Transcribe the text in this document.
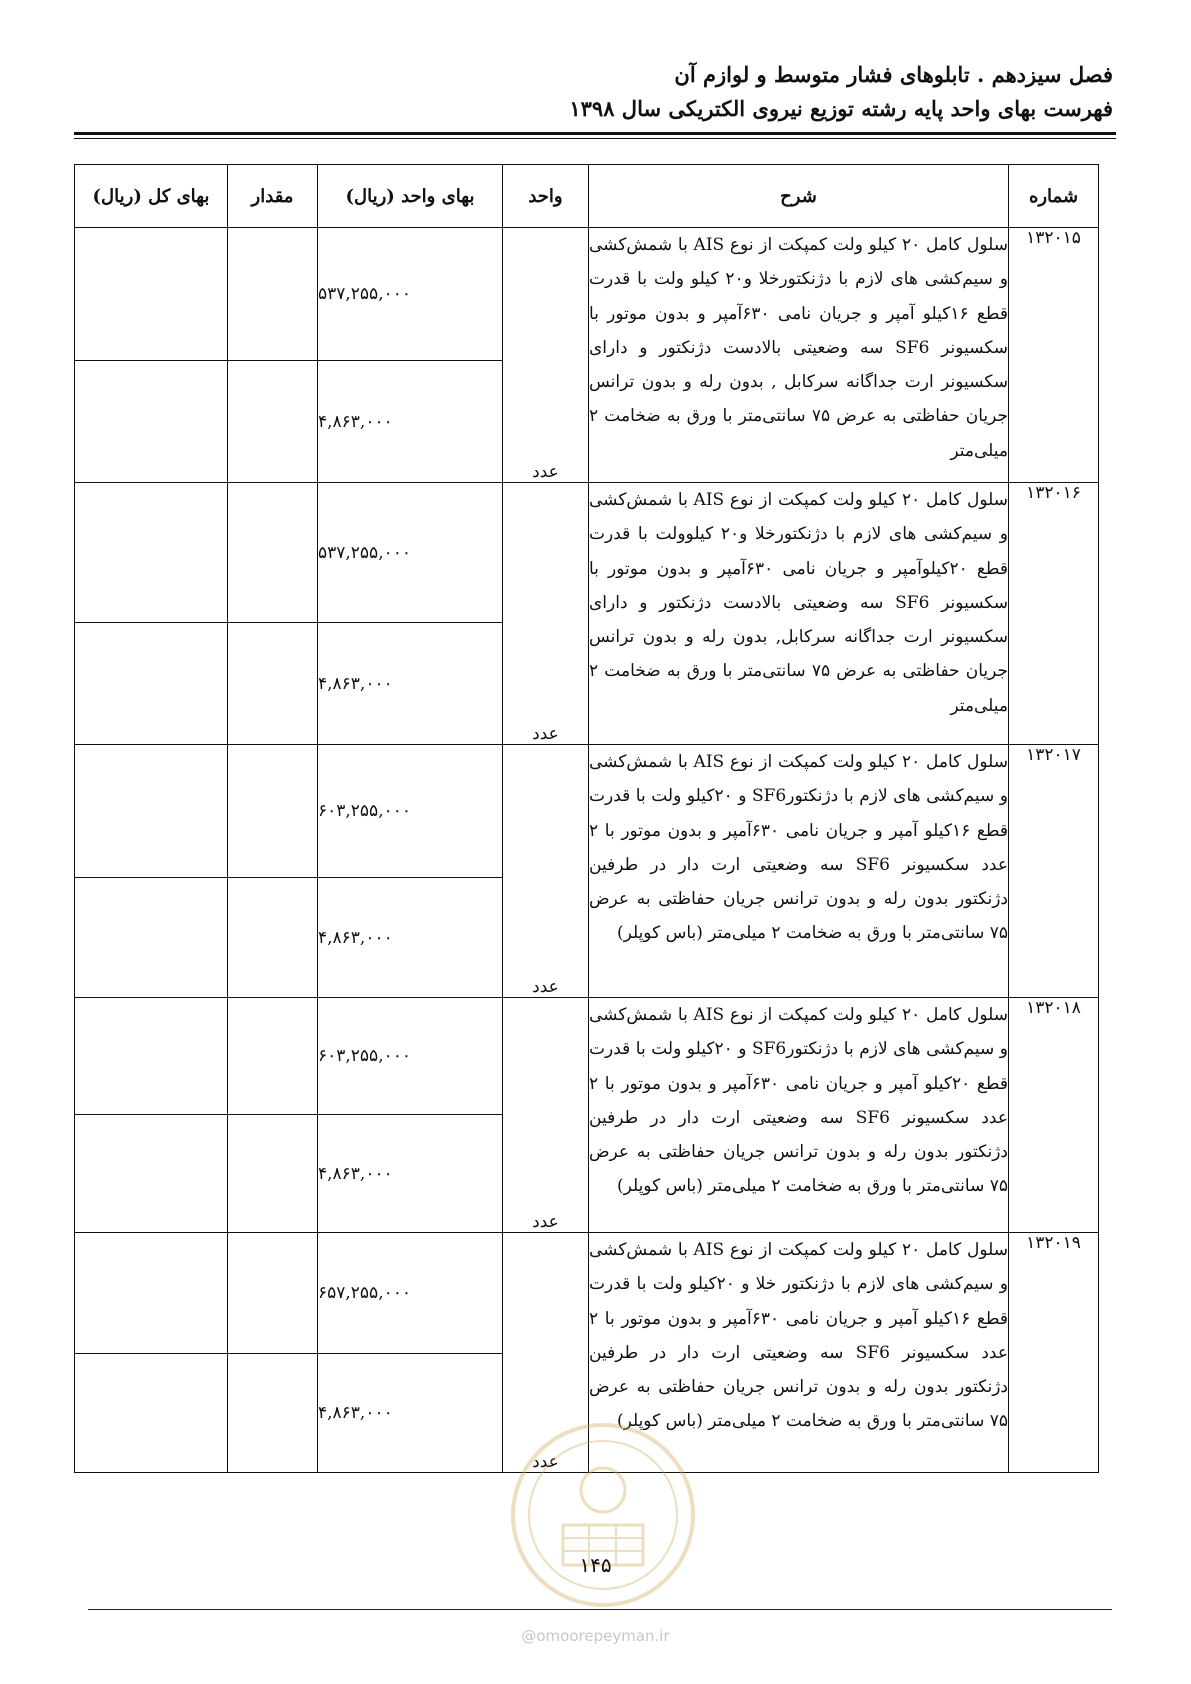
فصل سیزدهم . تابلوهای فشار متوسط و لوازم آن
فهرست بهای واحد پایه رشته توزیع نیروی الکتریکی سال ۱۳۹۸
شماره	شرح	واحد	بهای واحد (ریال)	مقدار	بهای کل (ریال)
۱۳۲۰۱۵	سلول کامل ۲۰ کیلو ولت کمپکت از نوع AIS با شمش‌کشی و سیم‌کشی های لازم با دژنکتورخلا و۲۰ کیلو ولت با قدرت قطع ۱۶کیلو آمپر و جریان نامی ۶۳۰آمپر و بدون موتور با سکسیونر SF6 سه وضعیتی بالادست دژنکتور و دارای سکسیونر ارت جداگانه سرکابل , بدون رله و بدون ترانس جریان حفاظتی به عرض ۷۵ سانتی‌متر با ورق به ضخامت ۲ میلی‌متر	عدد	۵۳۷,۲۵۵,۰۰۰		
			۴,۸۶۳,۰۰۰		
۱۳۲۰۱۶	سلول کامل ۲۰ کیلو ولت کمپکت از نوع AIS با شمش‌کشی و سیم‌کشی های لازم با دژنکتورخلا و۲۰ کیلوولت با قدرت قطع ۲۰کیلوآمپر و جریان نامی ۶۳۰آمپر و بدون موتور با سکسیونر SF6 سه وضعیتی بالادست دژنکتور و دارای سکسیونر ارت جداگانه سرکابل, بدون رله و بدون ترانس جریان حفاظتی به عرض ۷۵ سانتی‌متر با ورق به ضخامت ۲ میلی‌متر	عدد	۵۳۷,۲۵۵,۰۰۰		
			۴,۸۶۳,۰۰۰		
۱۳۲۰۱۷	سلول کامل ۲۰ کیلو ولت کمپکت از نوع AIS با شمش‌کشی و سیم‌کشی های لازم با دژنکتورSF6 و ۲۰کیلو ولت با قدرت قطع ۱۶کیلو آمپر و جریان نامی ۶۳۰آمپر و بدون موتور با ۲ عدد سکسیونر SF6 سه وضعیتی ارت دار در طرفین دژنکتور بدون رله و بدون ترانس جریان حفاظتی به عرض ۷۵ سانتی‌متر با ورق به ضخامت ۲ میلی‌متر (باس کوپلر)	عدد	۶۰۳,۲۵۵,۰۰۰		
			۴,۸۶۳,۰۰۰		
۱۳۲۰۱۸	سلول کامل ۲۰ کیلو ولت کمپکت از نوع AIS با شمش‌کشی و سیم‌کشی های لازم با دژنکتورSF6 و ۲۰کیلو ولت با قدرت قطع ۲۰کیلو آمپر و جریان نامی ۶۳۰آمپر و بدون موتور با ۲ عدد سکسیونر SF6 سه وضعیتی ارت دار در طرفین دژنکتور بدون رله و بدون ترانس جریان حفاظتی به عرض ۷۵ سانتی‌متر با ورق به ضخامت ۲ میلی‌متر (باس کوپلر)	عدد	۶۰۳,۲۵۵,۰۰۰		
			۴,۸۶۳,۰۰۰		
۱۳۲۰۱۹	سلول کامل ۲۰ کیلو ولت کمپکت از نوع AIS با شمش‌کشی و سیم‌کشی های لازم با دژنکتور خلا و ۲۰کیلو ولت با قدرت قطع ۱۶کیلو آمپر و جریان نامی ۶۳۰آمپر و بدون موتور با ۲ عدد سکسیونر SF6 سه وضعیتی ارت دار در طرفین دژنکتور بدون رله و بدون ترانس جریان حفاظتی به عرض ۷۵ سانتی‌متر با ورق به ضخامت ۲ میلی‌متر (باس کوپلر)	عدد	۶۵۷,۲۵۵,۰۰۰		
			۴,۸۶۳,۰۰۰		
۱۴۵
@omoorepeyman.ir
